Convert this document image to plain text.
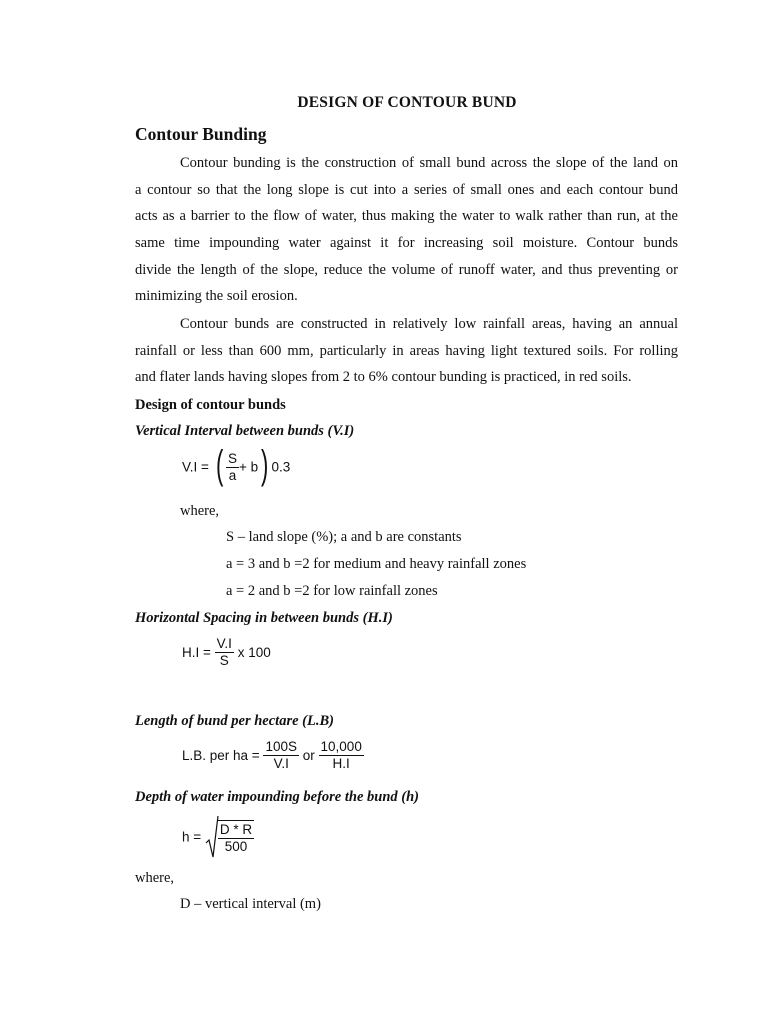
DESIGN OF CONTOUR BUND
Contour Bunding
Contour bunding is the construction of small bund across the slope of the land on
a contour so that the long slope is cut into a series of small ones and each contour bund
acts as a barrier to the flow of water, thus making the water to walk rather than run, at the
same time impounding water against it for increasing soil moisture. Contour bunds
divide the length of the slope, reduce the volume of runoff water, and thus preventing or
minimizing the soil erosion.
Contour bunds are constructed in relatively low rainfall areas, having an annual
rainfall or less than 600 mm, particularly in areas having light textured soils. For rolling
and flater lands having slopes from 2 to 6% contour bunding is practiced, in red soils.
Design of contour bunds
Vertical Interval between bunds (V.I)
V.I = ( $\frac{S}{a} + b$) 0.3
where,
S – land slope (%); a and b are constants
a = 3 and b =2 for medium and heavy rainfall zones
a = 2 and b =2 for low rainfall zones
Horizontal Spacing in between bunds (H.I)
$H.I = \frac{V.I}{S}$ x 100
Length of bund per hectare (L.B)
L.B. per ha = $\frac{100S}{V.I}$ or $\frac{10,000}{H.I}$
Depth of water impounding before the bund (h)
$h = \frac{D * R}{500}$
where,
D – vertical interval (m)
